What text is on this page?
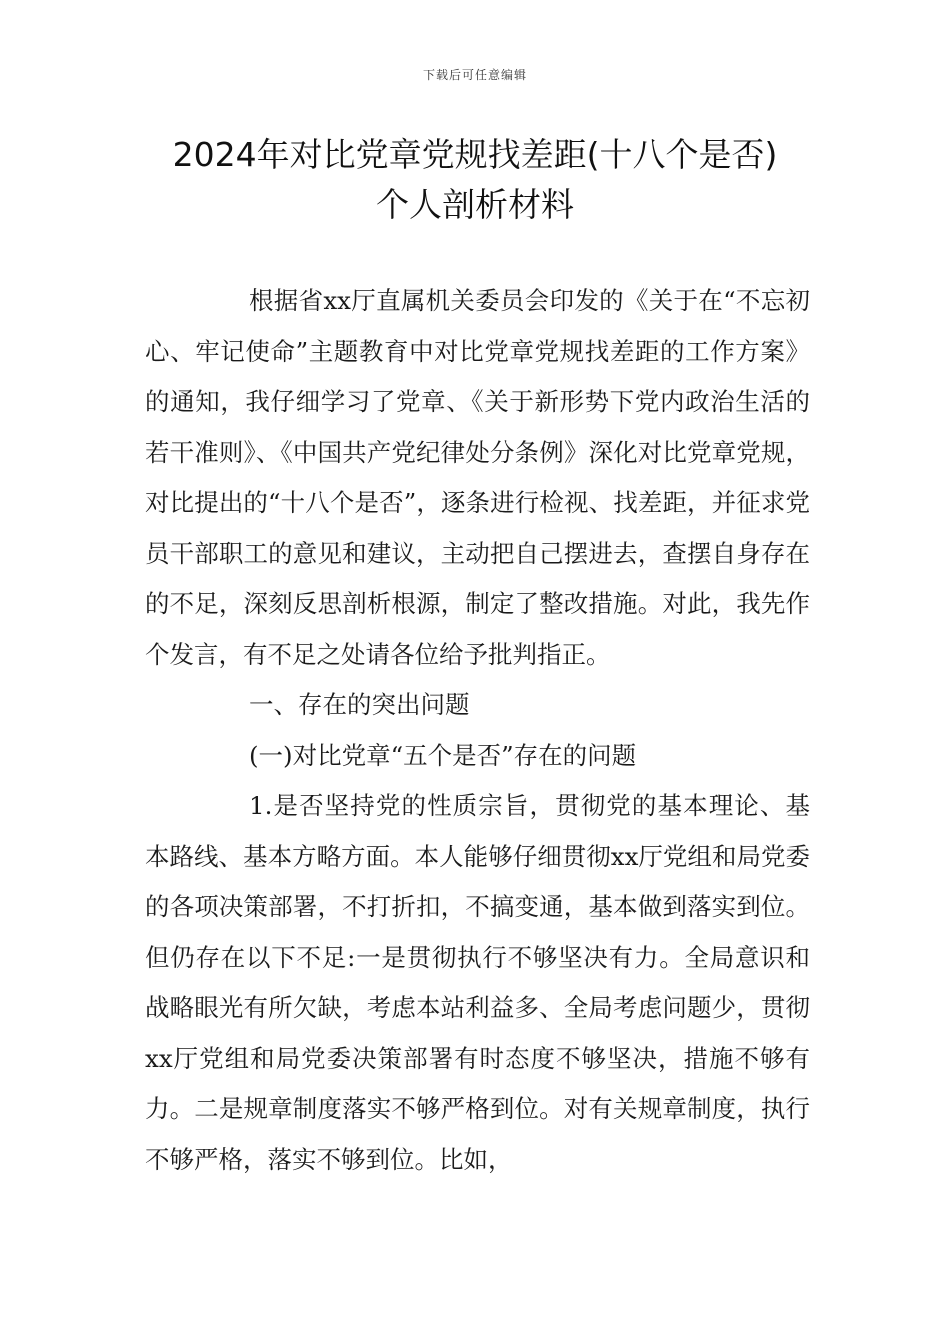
下载后可任意编辑
2024年对比党章党规找差距(十八个是否)
个人剖析材料

根据省xx厅直属机关委员会印发的《关于在“不忘初心、牢记使命”主题教育中对比党章党规找差距的工作方案》的通知，我仔细学习了党章、《关于新形势下党内政治生活的若干准则》、《中国共产党纪律处分条例》深化对比党章党规，对比提出的“十八个是否”，逐条进行检视、找差距，并征求党员干部职工的意见和建议，主动把自己摆进去，查摆自身存在的不足，深刻反思剖析根源，制定了整改措施。对此，我先作个发言，有不足之处请各位给予批判指正。

一、存在的突出问题

(一)对比党章“五个是否”存在的问题

1.是否坚持党的性质宗旨，贯彻党的基本理论、基本路线、基本方略方面。本人能够仔细贯彻xx厅党组和局党委的各项决策部署，不打折扣，不搞变通，基本做到落实到位。但仍存在以下不足:一是贯彻执行不够坚决有力。全局意识和战略眼光有所欠缺，考虑本站利益多、全局考虑问题少，贯彻xx厅党组和局党委决策部署有时态度不够坚决，措施不够有力。二是规章制度落实不够严格到位。对有关规章制度，执行不够严格，落实不够到位。比如，
